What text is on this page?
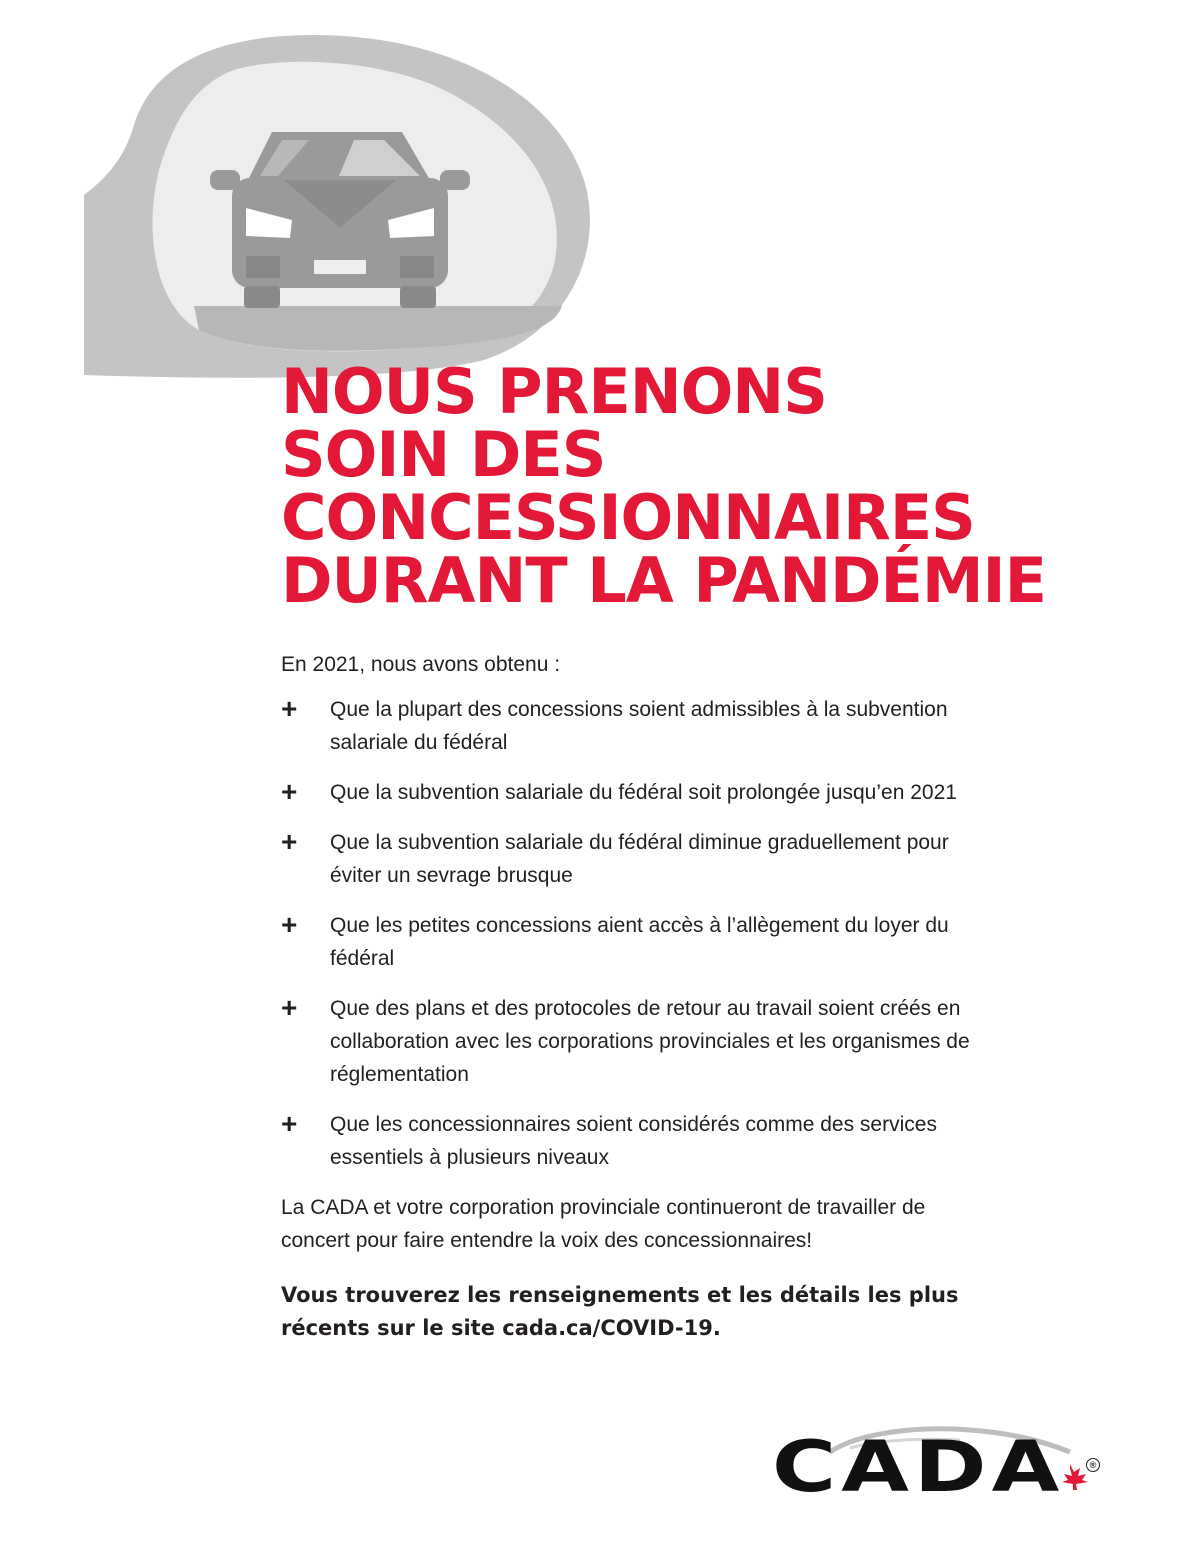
NOUS PRENONS
SOIN DES
CONCESSIONNAIRES
DURANT LA PANDÉMIE

En 2021, nous avons obtenu :

+	Que la plupart des concessions soient admissibles à la subvention salariale du fédéral
+	Que la subvention salariale du fédéral soit prolongée jusqu’en 2021
+	Que la subvention salariale du fédéral diminue graduellement pour éviter un sevrage brusque
+	Que les petites concessions aient accès à l’allègement du loyer du fédéral
+	Que des plans et des protocoles de retour au travail soient créés en collaboration avec les corporations provinciales et les organismes de réglementation
+	Que les concessionnaires soient considérés comme des services essentiels à plusieurs niveaux

La CADA et votre corporation provinciale continueront de travailler de concert pour faire entendre la voix des concessionnaires!

Vous trouverez les renseignements et les détails les plus récents sur le site cada.ca/COVID-19.

CADA	®
